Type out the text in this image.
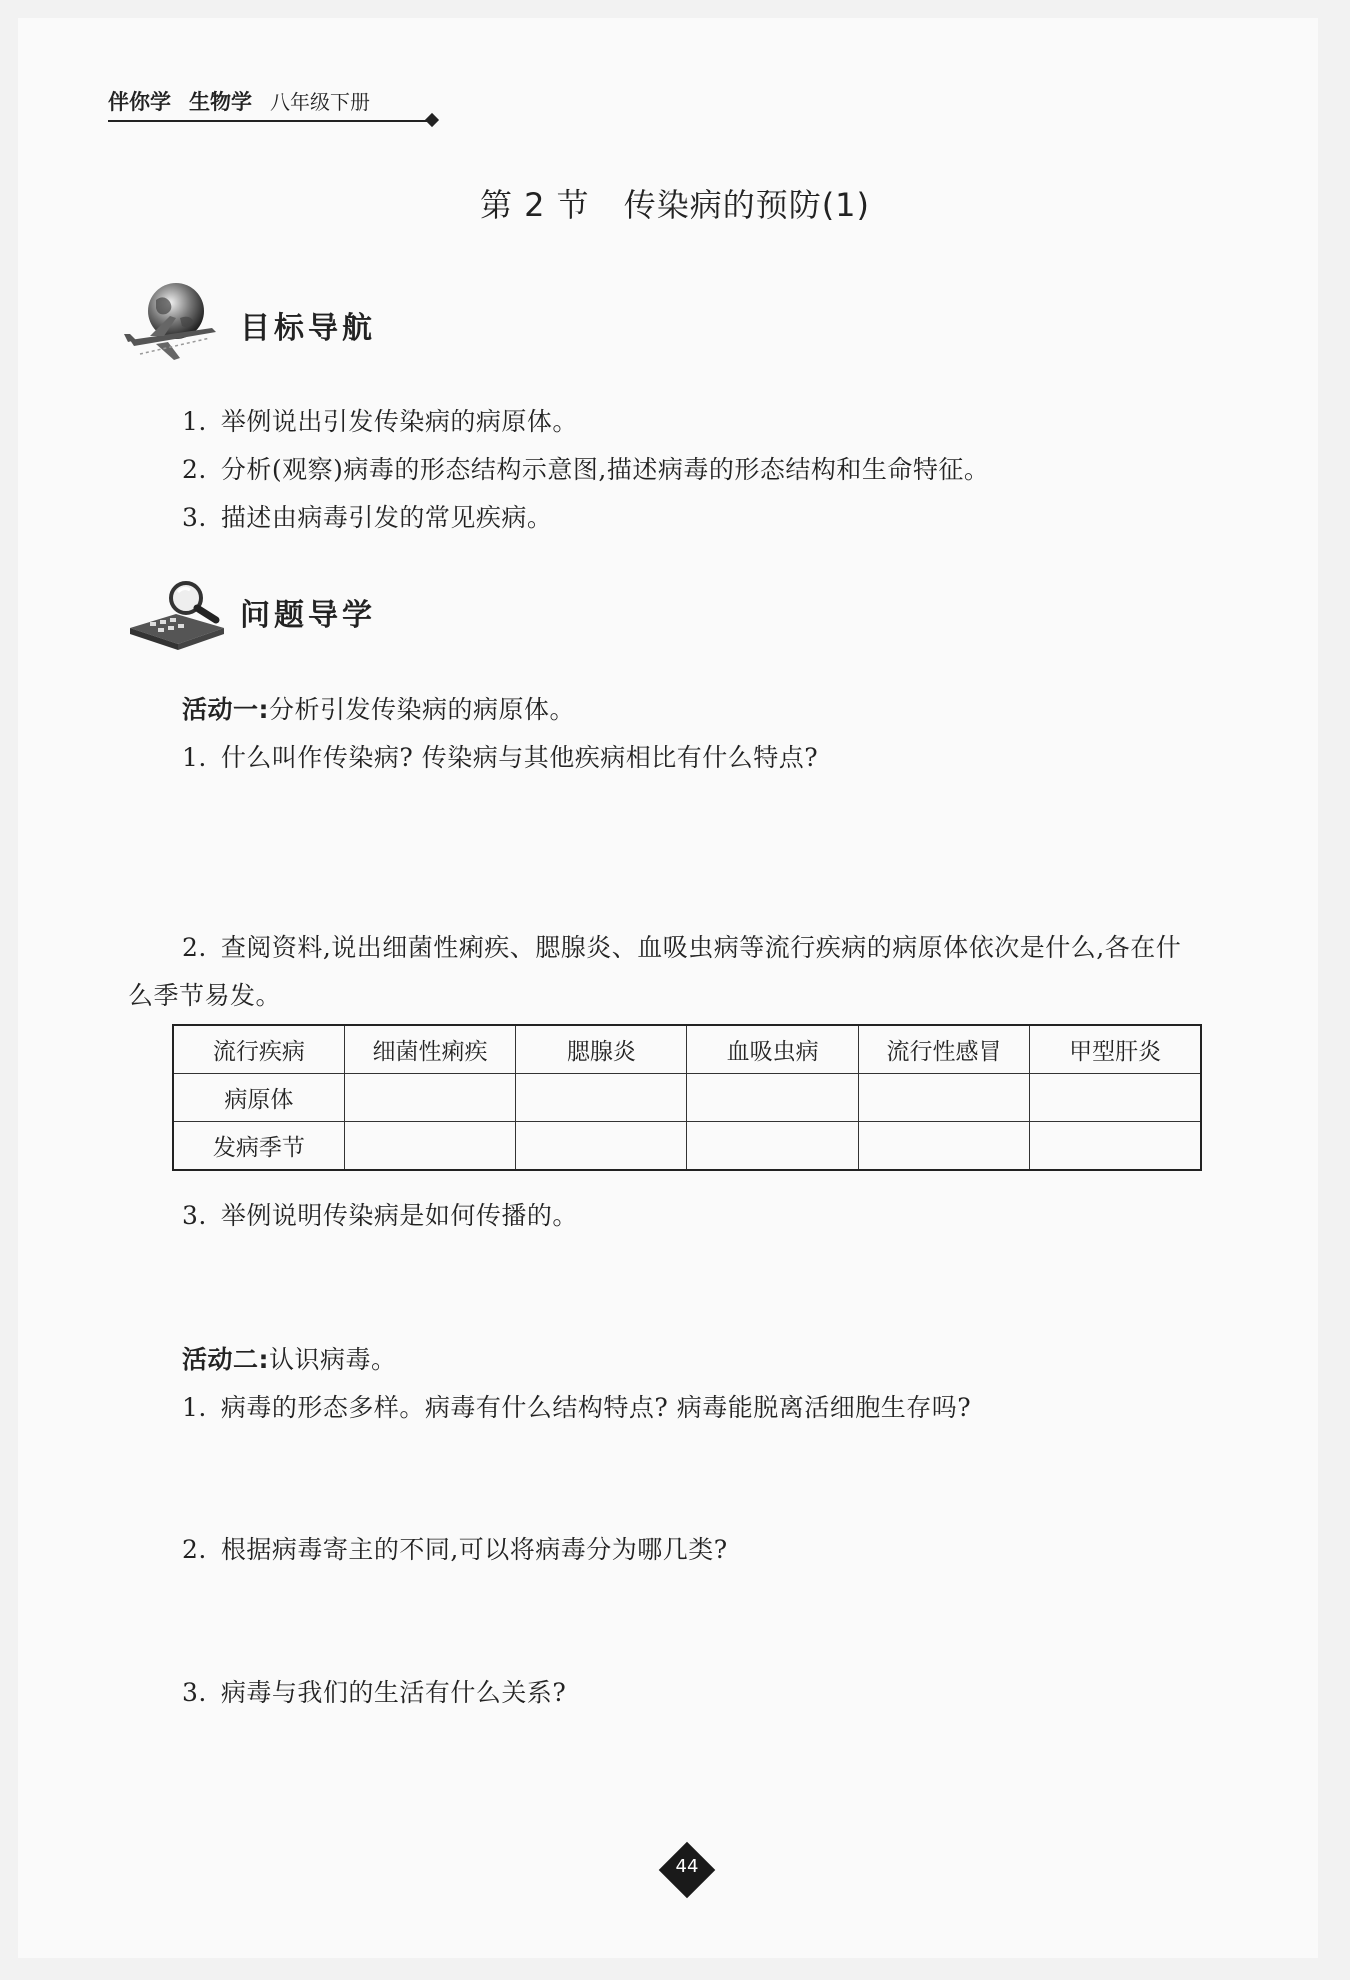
伴你学 生物学 八年级下册
第 2 节 传染病的预防(1)
目标导航
1. 举例说出引发传染病的病原体。
2. 分析(观察)病毒的形态结构示意图,描述病毒的形态结构和生命特征。
3. 描述由病毒引发的常见疾病。
问题导学
活动一:分析引发传染病的病原体。
1. 什么叫作传染病? 传染病与其他疾病相比有什么特点?
2. 查阅资料,说出细菌性痢疾、腮腺炎、血吸虫病等流行疾病的病原体依次是什么,各在什
么季节易发。
流行疾病	细菌性痢疾	腮腺炎	血吸虫病	流行性感冒	甲型肝炎
病原体					
发病季节					
3. 举例说明传染病是如何传播的。
活动二:认识病毒。
1. 病毒的形态多样。病毒有什么结构特点? 病毒能脱离活细胞生存吗?
2. 根据病毒寄主的不同,可以将病毒分为哪几类?
3. 病毒与我们的生活有什么关系?
44
